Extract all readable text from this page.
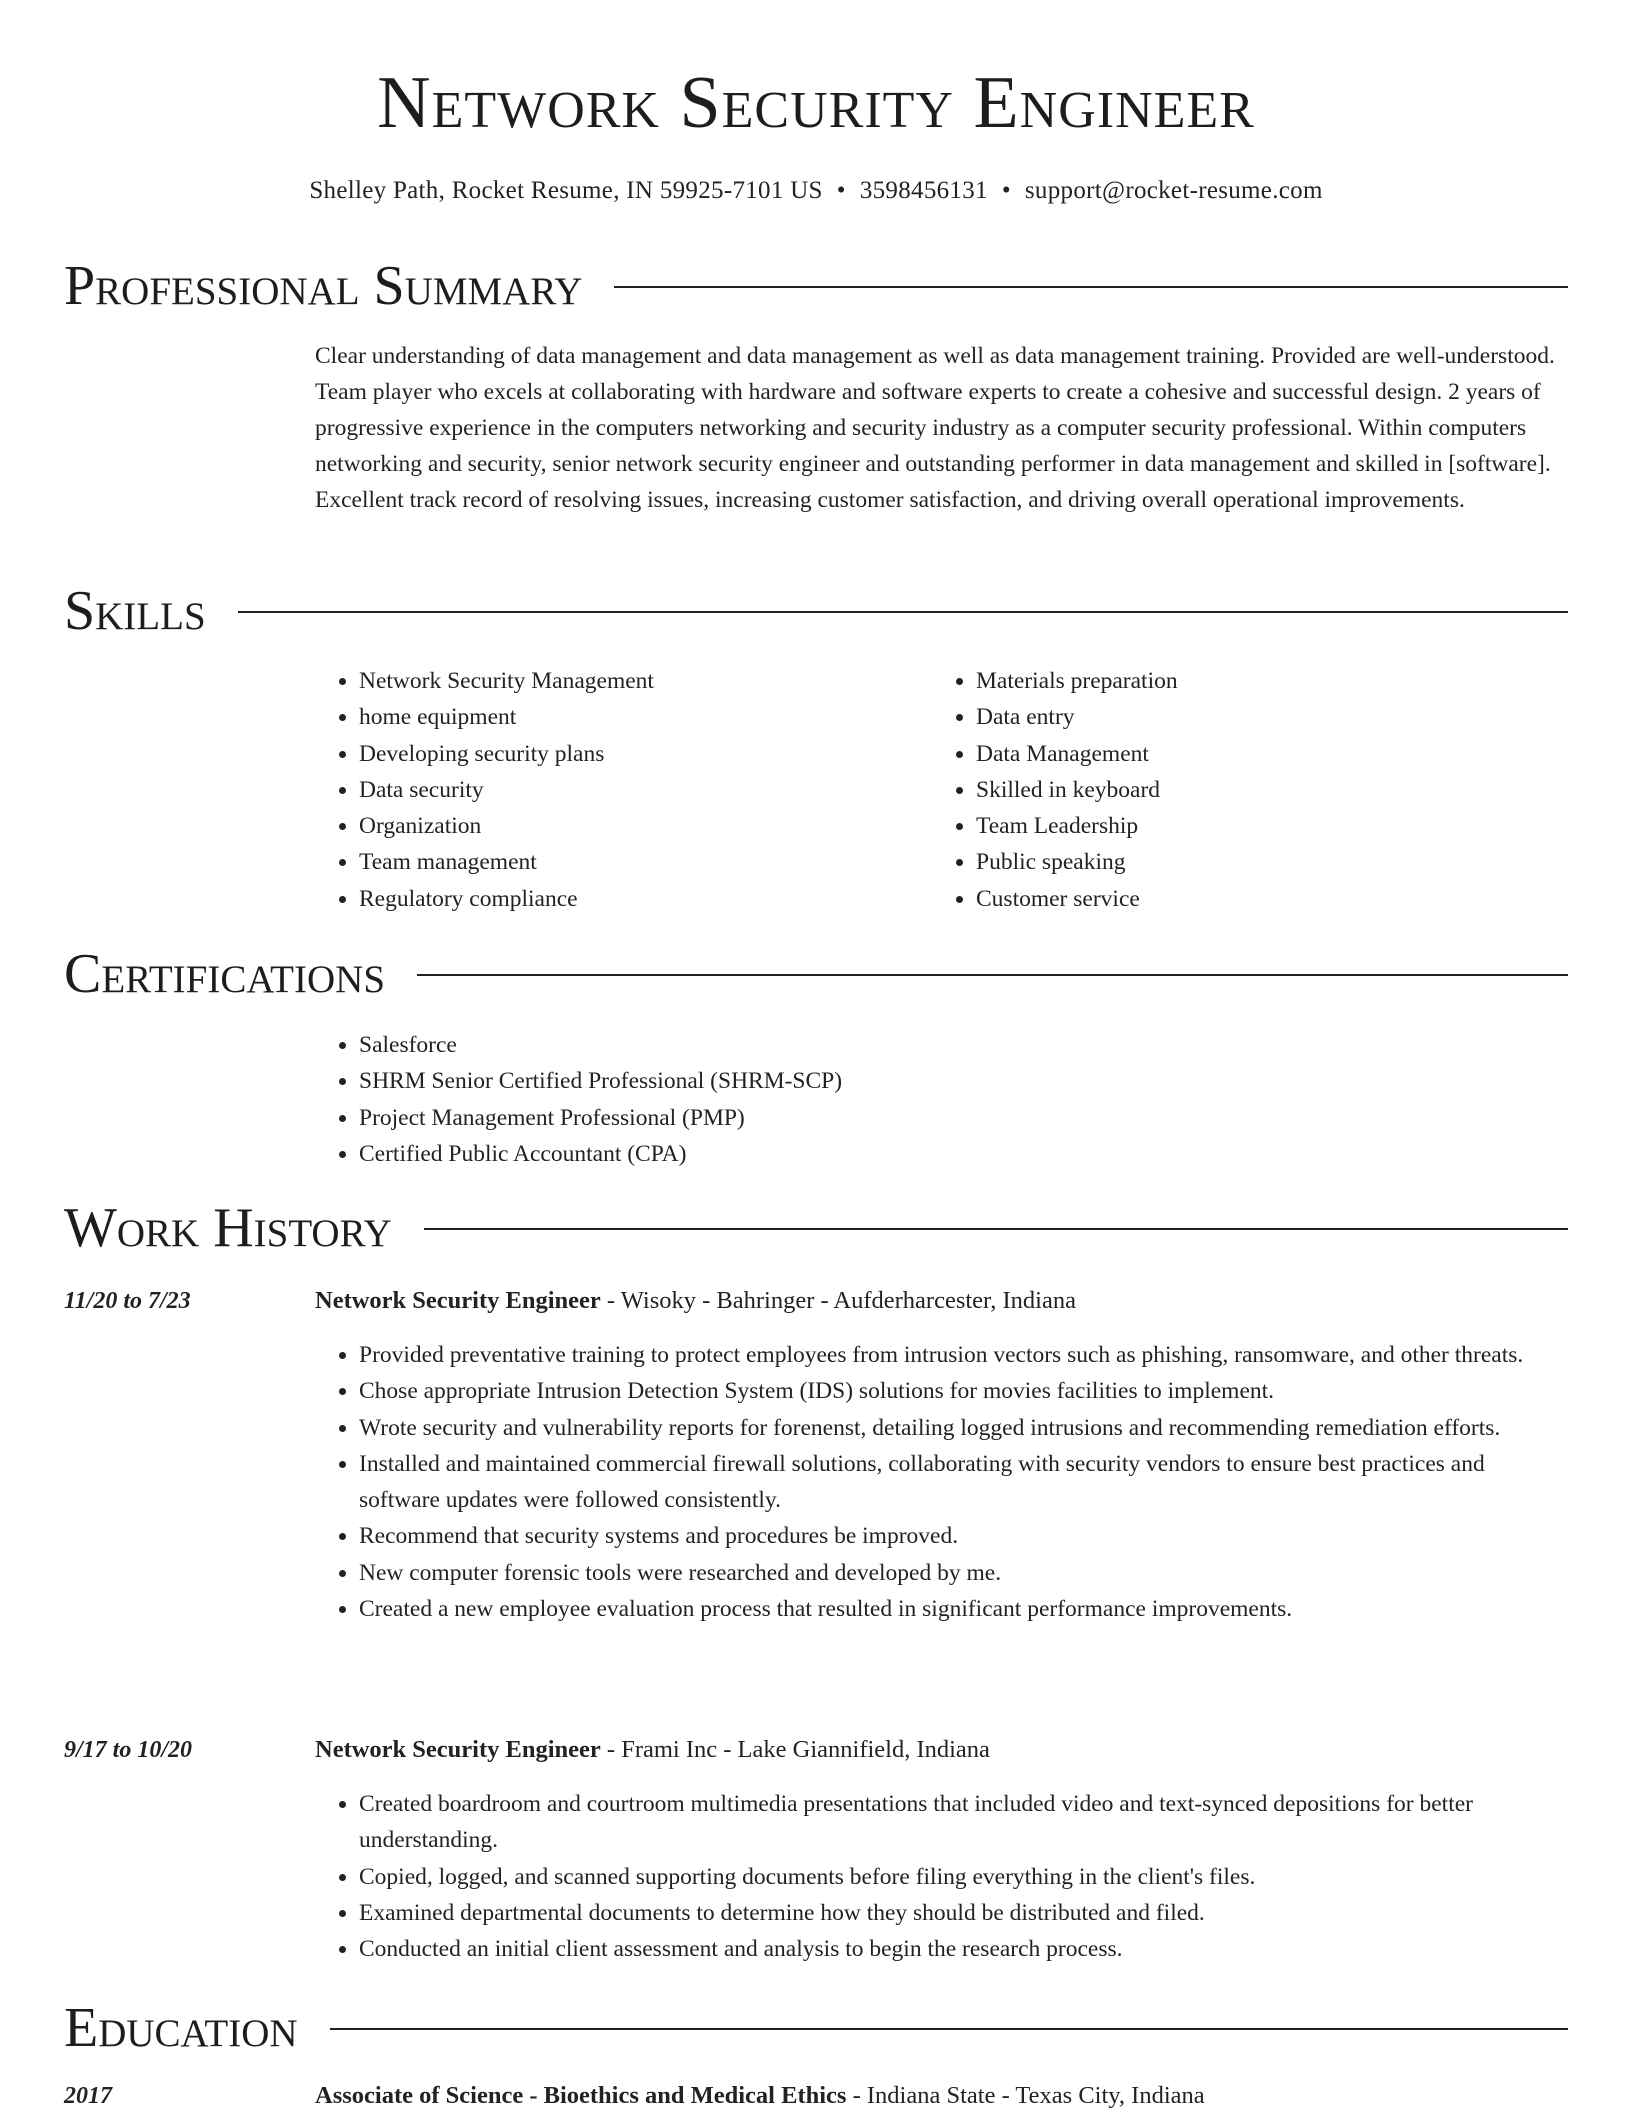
Network Security Engineer
Shelley Path, Rocket Resume, IN 59925-7101 US • 3598456131 • support@rocket-resume.com
Professional Summary

Clear understanding of data management and data management as well as data management training. Provided are well-understood. Team player who excels at collaborating with hardware and software experts to create a cohesive and successful design. 2 years of progressive experience in the computers networking and security industry as a computer security professional. Within computers networking and security, senior network security engineer and outstanding performer in data management and skilled in [software]. Excellent track record of resolving issues, increasing customer satisfaction, and driving overall operational improvements.

Skills
• Network Security Management
• home equipment
• Developing security plans
• Data security
• Organization
• Team management
• Regulatory compliance
• Materials preparation
• Data entry
• Data Management
• Skilled in keyboard
• Team Leadership
• Public speaking
• Customer service
Certifications
• Salesforce
• SHRM Senior Certified Professional (SHRM-SCP)
• Project Management Professional (PMP)
• Certified Public Accountant (CPA)
Work History
11/20 to 7/23	Network Security Engineer - Wisoky - Bahringer - Aufderharcester, Indiana
• Provided preventative training to protect employees from intrusion vectors such as phishing, ransomware, and other threats.
• Chose appropriate Intrusion Detection System (IDS) solutions for movies facilities to implement.
• Wrote security and vulnerability reports for forenenst, detailing logged intrusions and recommending remediation efforts.
• Installed and maintained commercial firewall solutions, collaborating with security vendors to ensure best practices and software updates were followed consistently.
• Recommend that security systems and procedures be improved.
• New computer forensic tools were researched and developed by me.
• Created a new employee evaluation process that resulted in significant performance improvements.
9/17 to 10/20	Network Security Engineer - Frami Inc - Lake Giannifield, Indiana
• Created boardroom and courtroom multimedia presentations that included video and text-synced depositions for better understanding.
• Copied, logged, and scanned supporting documents before filing everything in the client's files.
• Examined departmental documents to determine how they should be distributed and filed.
• Conducted an initial client assessment and analysis to begin the research process.
Education
2017	Associate of Science - Bioethics and Medical Ethics - Indiana State - Texas City, Indiana
